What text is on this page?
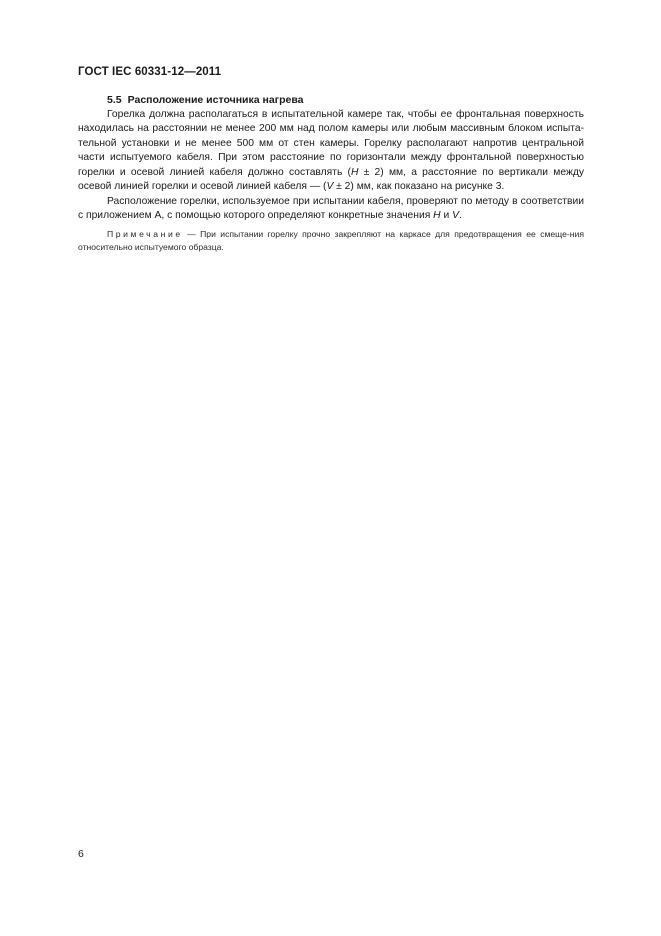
ГОСТ IEC 60331-12—2011

5.5 Расположение источника нагрева

Горелка должна располагаться в испытательной камере так, чтобы ее фронтальная поверхность находилась на расстоянии не менее 200 мм над полом камеры или любым массивным блоком испыта-тельной установки и не менее 500 мм от стен камеры. Горелку располагают напротив центральной части испытуемого кабеля. При этом расстояние по горизонтали между фронтальной поверхностью горелки и осевой линией кабеля должно составлять (H ± 2) мм, а расстояние по вертикали между осевой линией горелки и осевой линией кабеля — (V ± 2) мм, как показано на рисунке 3.

Расположение горелки, используемое при испытании кабеля, проверяют по методу в соответствии с приложением А, с помощью которого определяют конкретные значения H и V.

Примечание — При испытании горелку прочно закрепляют на каркасе для предотвращения ее смеще-ния относительно испытуемого образца.

6
